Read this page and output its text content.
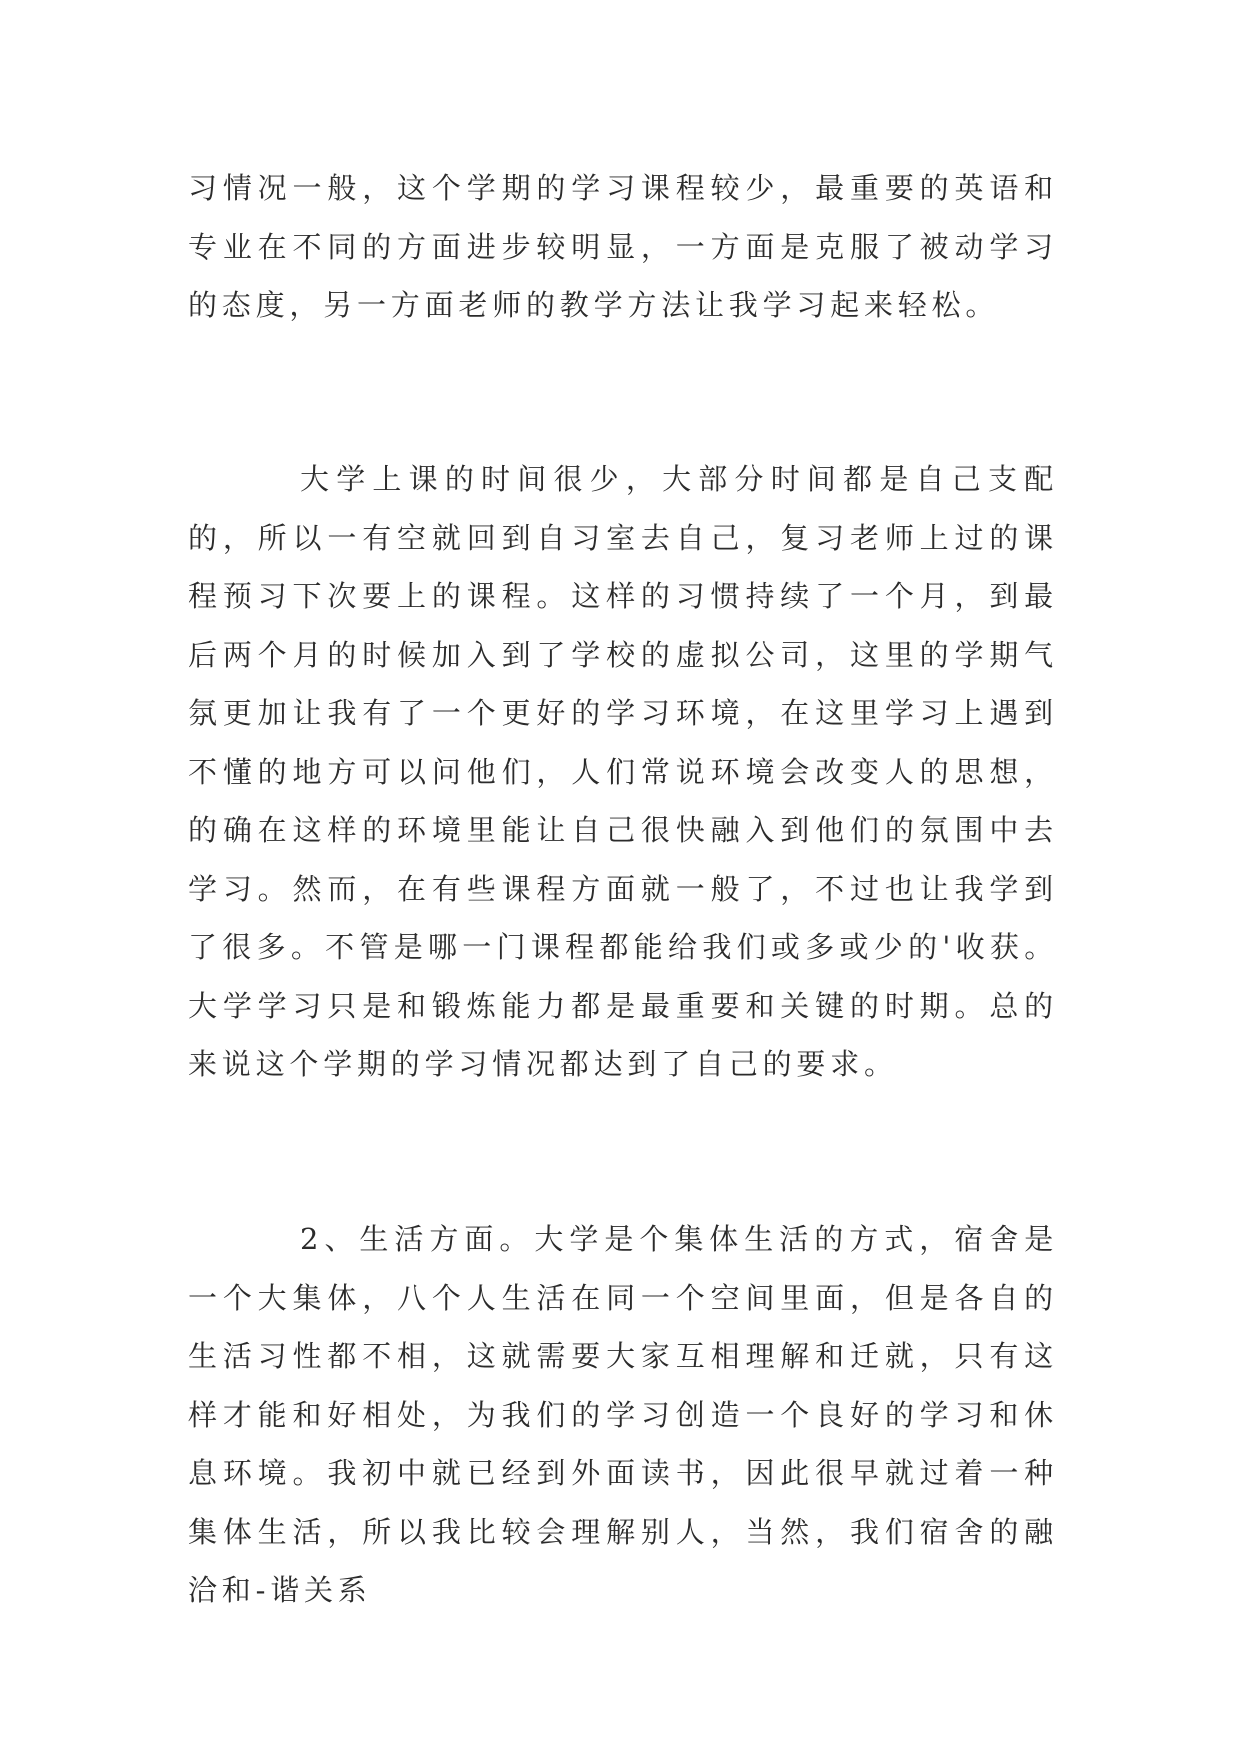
习情况一般，这个学期的学习课程较少，最重要的英语和专业在不同的方面进步较明显，一方面是克服了被动学习的态度，另一方面老师的教学方法让我学习起来轻松。

大学上课的时间很少，大部分时间都是自己支配的，所以一有空就回到自习室去自己，复习老师上过的课程预习下次要上的课程。这样的习惯持续了一个月，到最后两个月的时候加入到了学校的虚拟公司，这里的学期气氛更加让我有了一个更好的学习环境，在这里学习上遇到不懂的地方可以问他们，人们常说环境会改变人的思想，的确在这样的环境里能让自己很快融入到他们的氛围中去学习。然而，在有些课程方面就一般了，不过也让我学到了很多。不管是哪一门课程都能给我们或多或少的'收获。大学学习只是和锻炼能力都是最重要和关键的时期。总的来说这个学期的学习情况都达到了自己的要求。

2、生活方面。大学是个集体生活的方式，宿舍是一个大集体，八个人生活在同一个空间里面，但是各自的生活习性都不相，这就需要大家互相理解和迁就，只有这样才能和好相处，为我们的学习创造一个良好的学习和休息环境。我初中就已经到外面读书，因此很早就过着一种集体生活，所以我比较会理解别人，当然，我们宿舍的融洽和-谐关系
